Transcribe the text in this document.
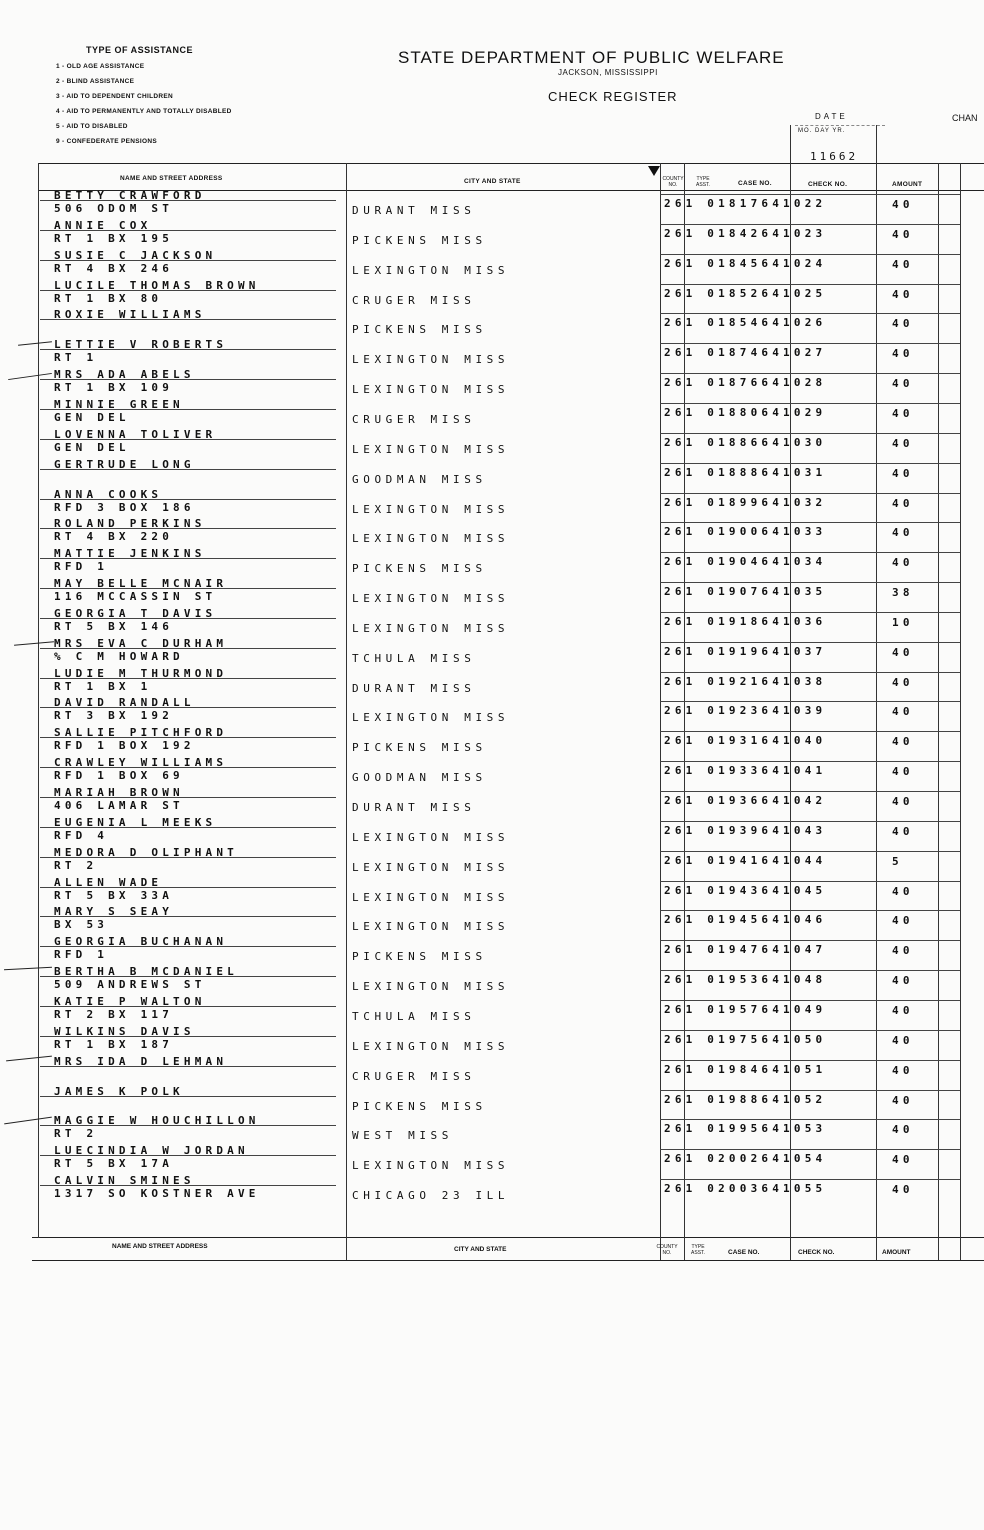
TYPE OF ASSISTANCE
1 - OLD AGE ASSISTANCE
2 - BLIND ASSISTANCE
3 - AID TO DEPENDENT CHILDREN
4 - AID TO PERMANENTLY AND TOTALLY DISABLED
5 - AID TO DISABLED
9 - CONFEDERATE PENSIONS
STATE DEPARTMENT OF PUBLIC WELFARE
JACKSON, MISSISSIPPI
CHECK REGISTER
DATE
MO. DAY YR.
11662
CHAN
NAME AND STREET ADDRESS	CITY AND STATE	COUNTY NO.
TYPE ASST.	CASE NO.	CHECK NO.	AMOUNT
BETTY CRAWFORD
506 ODOM ST	DURANT MISS
261 01817641022	40
ANNIE COX
RT 1 BX 195	PICKENS MISS
261 01842641023	40
SUSIE C JACKSON
RT 4 BX 246	LEXINGTON MISS
261 01845641024	40
LUCILE THOMAS BROWN
RT 1 BX 80	CRUGER MISS
261 01852641025	40
ROXIE WILLIAMS
PICKENS MISS
261 01854641026	40
LETTIE V ROBERTS
RT 1	LEXINGTON MISS
261 01874641027	40
MRS ADA ABELS
RT 1 BX 109	LEXINGTON MISS
261 01876641028	40
MINNIE GREEN
GEN DEL	CRUGER MISS
261 01880641029	40
LOVENNA TOLIVER
GEN DEL	LEXINGTON MISS
261 01886641030	40
GERTRUDE LONG
GOODMAN MISS
261 01888641031	40
ANNA COOKS
RFD 3 BOX 186	LEXINGTON MISS
261 01899641032	40
ROLAND PERKINS
RT 4 BX 220	LEXINGTON MISS
261 01900641033	40
MATTIE JENKINS
RFD 1	PICKENS MISS
261 01904641034	40
MAY BELLE MCNAIR
116 MCCASSIN ST	LEXINGTON MISS
261 01907641035	38
GEORGIA T DAVIS
RT 5 BX 146	LEXINGTON MISS
261 01918641036	10
MRS EVA C DURHAM
% C M HOWARD	TCHULA MISS
261 01919641037	40
LUDIE M THURMOND
RT 1 BX 1	DURANT MISS
261 01921641038	40
DAVID RANDALL
RT 3 BX 192	LEXINGTON MISS
261 01923641039	40
SALLIE PITCHFORD
RFD 1 BOX 192	PICKENS MISS
261 01931641040	40
CRAWLEY WILLIAMS
RFD 1 BOX 69	GOODMAN MISS
261 01933641041	40
MARIAH BROWN
406 LAMAR ST	DURANT MISS
261 01936641042	40
EUGENIA L MEEKS
RFD 4	LEXINGTON MISS
261 01939641043	40
MEDORA D OLIPHANT
RT 2	LEXINGTON MISS
261 01941641044	5
ALLEN WADE
RT 5 BX 33A	LEXINGTON MISS
261 01943641045	40
MARY S SEAY
BX 53	LEXINGTON MISS
261 01945641046	40
GEORGIA BUCHANAN
RFD 1	PICKENS MISS
261 01947641047	40
BERTHA B MCDANIEL
509 ANDREWS ST	LEXINGTON MISS
261 01953641048	40
KATIE P WALTON
RT 2 BX 117	TCHULA MISS
261 01957641049	40
WILKINS DAVIS
RT 1 BX 187	LEXINGTON MISS
261 01975641050	40
MRS IDA D LEHMAN
CRUGER MISS
261 01984641051	40
JAMES K POLK
PICKENS MISS
261 01988641052	40
MAGGIE W HOUCHILLON
RT 2	WEST MISS
261 01995641053	40
LUECINDIA W JORDAN
RT 5 BX 17A	LEXINGTON MISS
261 02002641054	40
CALVIN SMINES
1317 SO KOSTNER AVE	CHICAGO 23 ILL
261 02003641055	40
NAME AND STREET ADDRESS	CITY AND STATE	COUNTY NO.
TYPE ASST.	CASE NO.	CHECK NO.	AMOUNT
